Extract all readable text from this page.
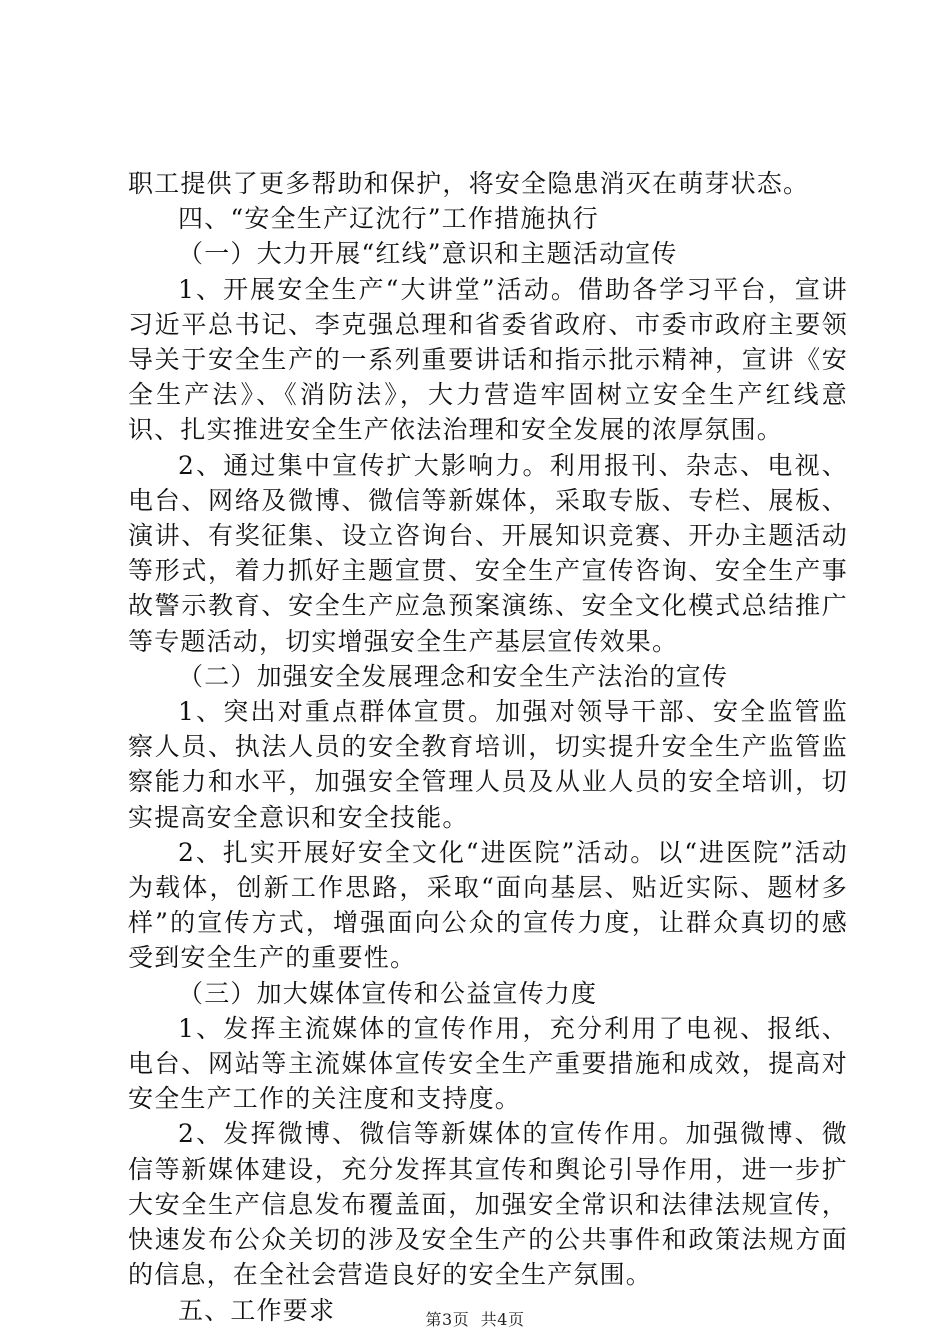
职工提供了更多帮助和保护，将安全隐患消灭在萌芽状态。

四、“安全生产辽沈行”工作措施执行

（一）大力开展“红线”意识和主题活动宣传

1、开展安全生产“大讲堂”活动。借助各学习平台，宣讲习近平总书记、李克强总理和省委省政府、市委市政府主要领导关于安全生产的一系列重要讲话和指示批示精神，宣讲《安全生产法》、《消防法》，大力营造牢固树立安全生产红线意识、扎实推进安全生产依法治理和安全发展的浓厚氛围。

2、通过集中宣传扩大影响力。利用报刊、杂志、电视、电台、网络及微博、微信等新媒体，采取专版、专栏、展板、演讲、有奖征集、设立咨询台、开展知识竞赛、开办主题活动等形式，着力抓好主题宣贯、安全生产宣传咨询、安全生产事故警示教育、安全生产应急预案演练、安全文化模式总结推广等专题活动，切实增强安全生产基层宣传效果。

（二）加强安全发展理念和安全生产法治的宣传

1、突出对重点群体宣贯。加强对领导干部、安全监管监察人员、执法人员的安全教育培训，切实提升安全生产监管监察能力和水平，加强安全管理人员及从业人员的安全培训，切实提高安全意识和安全技能。

2、扎实开展好安全文化“进医院”活动。以“进医院”活动为载体，创新工作思路，采取“面向基层、贴近实际、题材多样”的宣传方式，增强面向公众的宣传力度，让群众真切的感受到安全生产的重要性。

（三）加大媒体宣传和公益宣传力度

1、发挥主流媒体的宣传作用，充分利用了电视、报纸、电台、网站等主流媒体宣传安全生产重要措施和成效，提高对安全生产工作的关注度和支持度。

2、发挥微博、微信等新媒体的宣传作用。加强微博、微信等新媒体建设，充分发挥其宣传和舆论引导作用，进一步扩大安全生产信息发布覆盖面，加强安全常识和法律法规宣传，快速发布公众关切的涉及安全生产的公共事件和政策法规方面的信息，在全社会营造良好的安全生产氛围。

五、工作要求	第3页 共4页
